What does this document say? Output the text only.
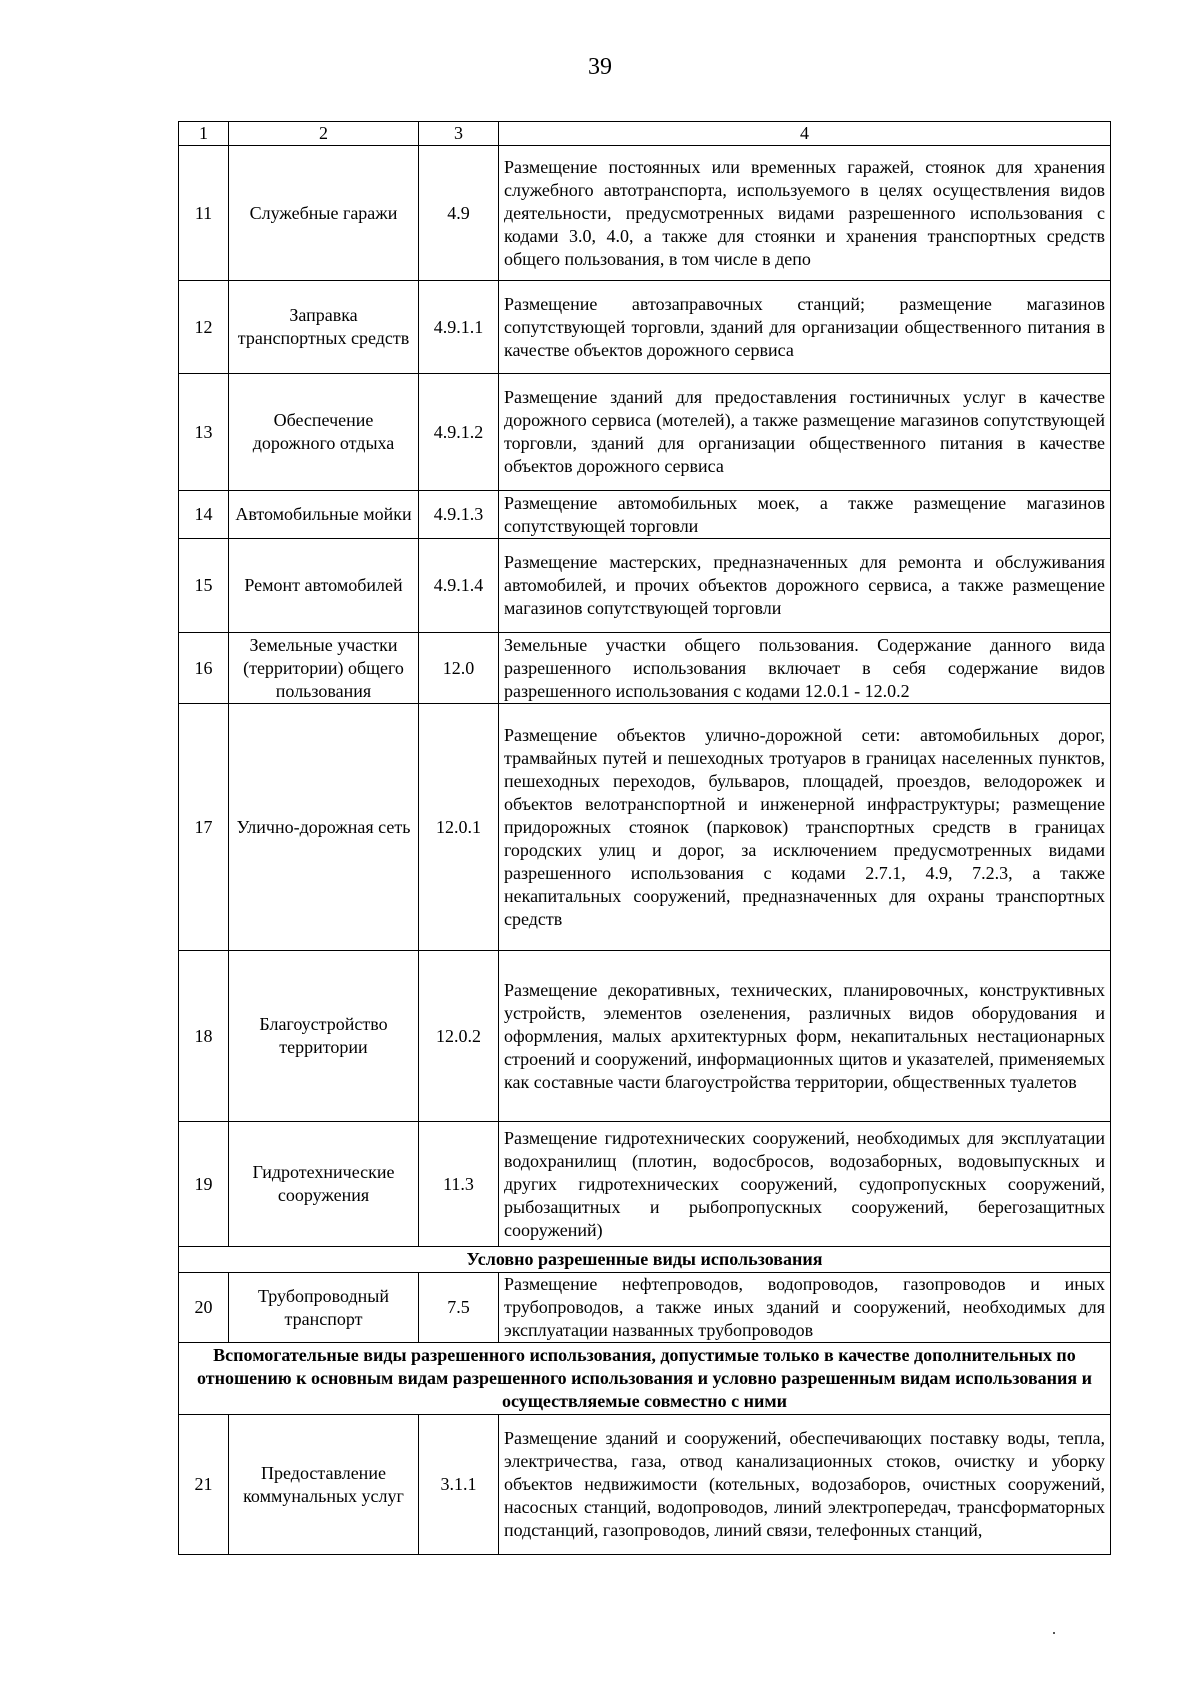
39
1	2	3	4
11	Служебные гаражи	4.9	Размещение постоянных или временных гаражей, стоянок для хранения служебного автотранспорта, используемого в целях осуществления видов деятельности, предусмотренных видами разрешенного использования с кодами 3.0, 4.0, а также для стоянки и хранения транспортных средств общего пользования, в том числе в депо
12	Заправка транспортных средств	4.9.1.1	Размещение автозаправочных станций; размещение магазинов сопутствующей торговли, зданий для организации общественного питания в качестве объектов дорожного сервиса
13	Обеспечение дорожного отдыха	4.9.1.2	Размещение зданий для предоставления гостиничных услуг в качестве дорожного сервиса (мотелей), а также размещение магазинов сопутствующей торговли, зданий для организации общественного питания в качестве объектов дорожного сервиса
14	Автомобильные мойки	4.9.1.3	Размещение автомобильных моек, а также размещение магазинов сопутствующей торговли
15	Ремонт автомобилей	4.9.1.4	Размещение мастерских, предназначенных для ремонта и обслуживания автомобилей, и прочих объектов дорожного сервиса, а также размещение магазинов сопутствующей торговли
16	Земельные участки (территории) общего пользования	12.0	Земельные участки общего пользования. Содержание данного вида разрешенного использования включает в себя содержание видов разрешенного использования с кодами 12.0.1 - 12.0.2
17	Улично-дорожная сеть	12.0.1	Размещение объектов улично-дорожной сети: автомобильных дорог, трамвайных путей и пешеходных тротуаров в границах населенных пунктов, пешеходных переходов, бульваров, площадей, проездов, велодорожек и объектов велотранспортной и инженерной инфраструктуры; размещение придорожных стоянок (парковок) транспортных средств в границах городских улиц и дорог, за исключением предусмотренных видами разрешенного использования с кодами 2.7.1, 4.9, 7.2.3, а также некапитальных сооружений, предназначенных для охраны транспортных средств
18	Благоустройство территории	12.0.2	Размещение декоративных, технических, планировочных, конструктивных устройств, элементов озеленения, различных видов оборудования и оформления, малых архитектурных форм, некапитальных нестационарных строений и сооружений, информационных щитов и указателей, применяемых как составные части благоустройства территории, общественных туалетов
19	Гидротехнические сооружения	11.3	Размещение гидротехнических сооружений, необходимых для эксплуатации водохранилищ (плотин, водосбросов, водозаборных, водовыпускных и других гидротехнических сооружений, судопропускных сооружений, рыбозащитных и рыбопропускных сооружений, берегозащитных сооружений)
Условно разрешенные виды использования			
20	Трубопроводный транспорт	7.5	Размещение нефтепроводов, водопроводов, газопроводов и иных трубопроводов, а также иных зданий и сооружений, необходимых для эксплуатации названных трубопроводов
Вспомогательные виды разрешенного использования, допустимые только в качестве дополнительных по отношению к основным видам разрешенного использования и условно разрешенным видам использования и осуществляемые совместно с ними			
21	Предоставление коммунальных услуг	3.1.1	Размещение зданий и сооружений, обеспечивающих поставку воды, тепла, электричества, газа, отвод канализационных стоков, очистку и уборку объектов недвижимости (котельных, водозаборов, очистных сооружений, насосных станций, водопроводов, линий электропередач, трансформаторных подстанций, газопроводов, линий связи, телефонных станций,
